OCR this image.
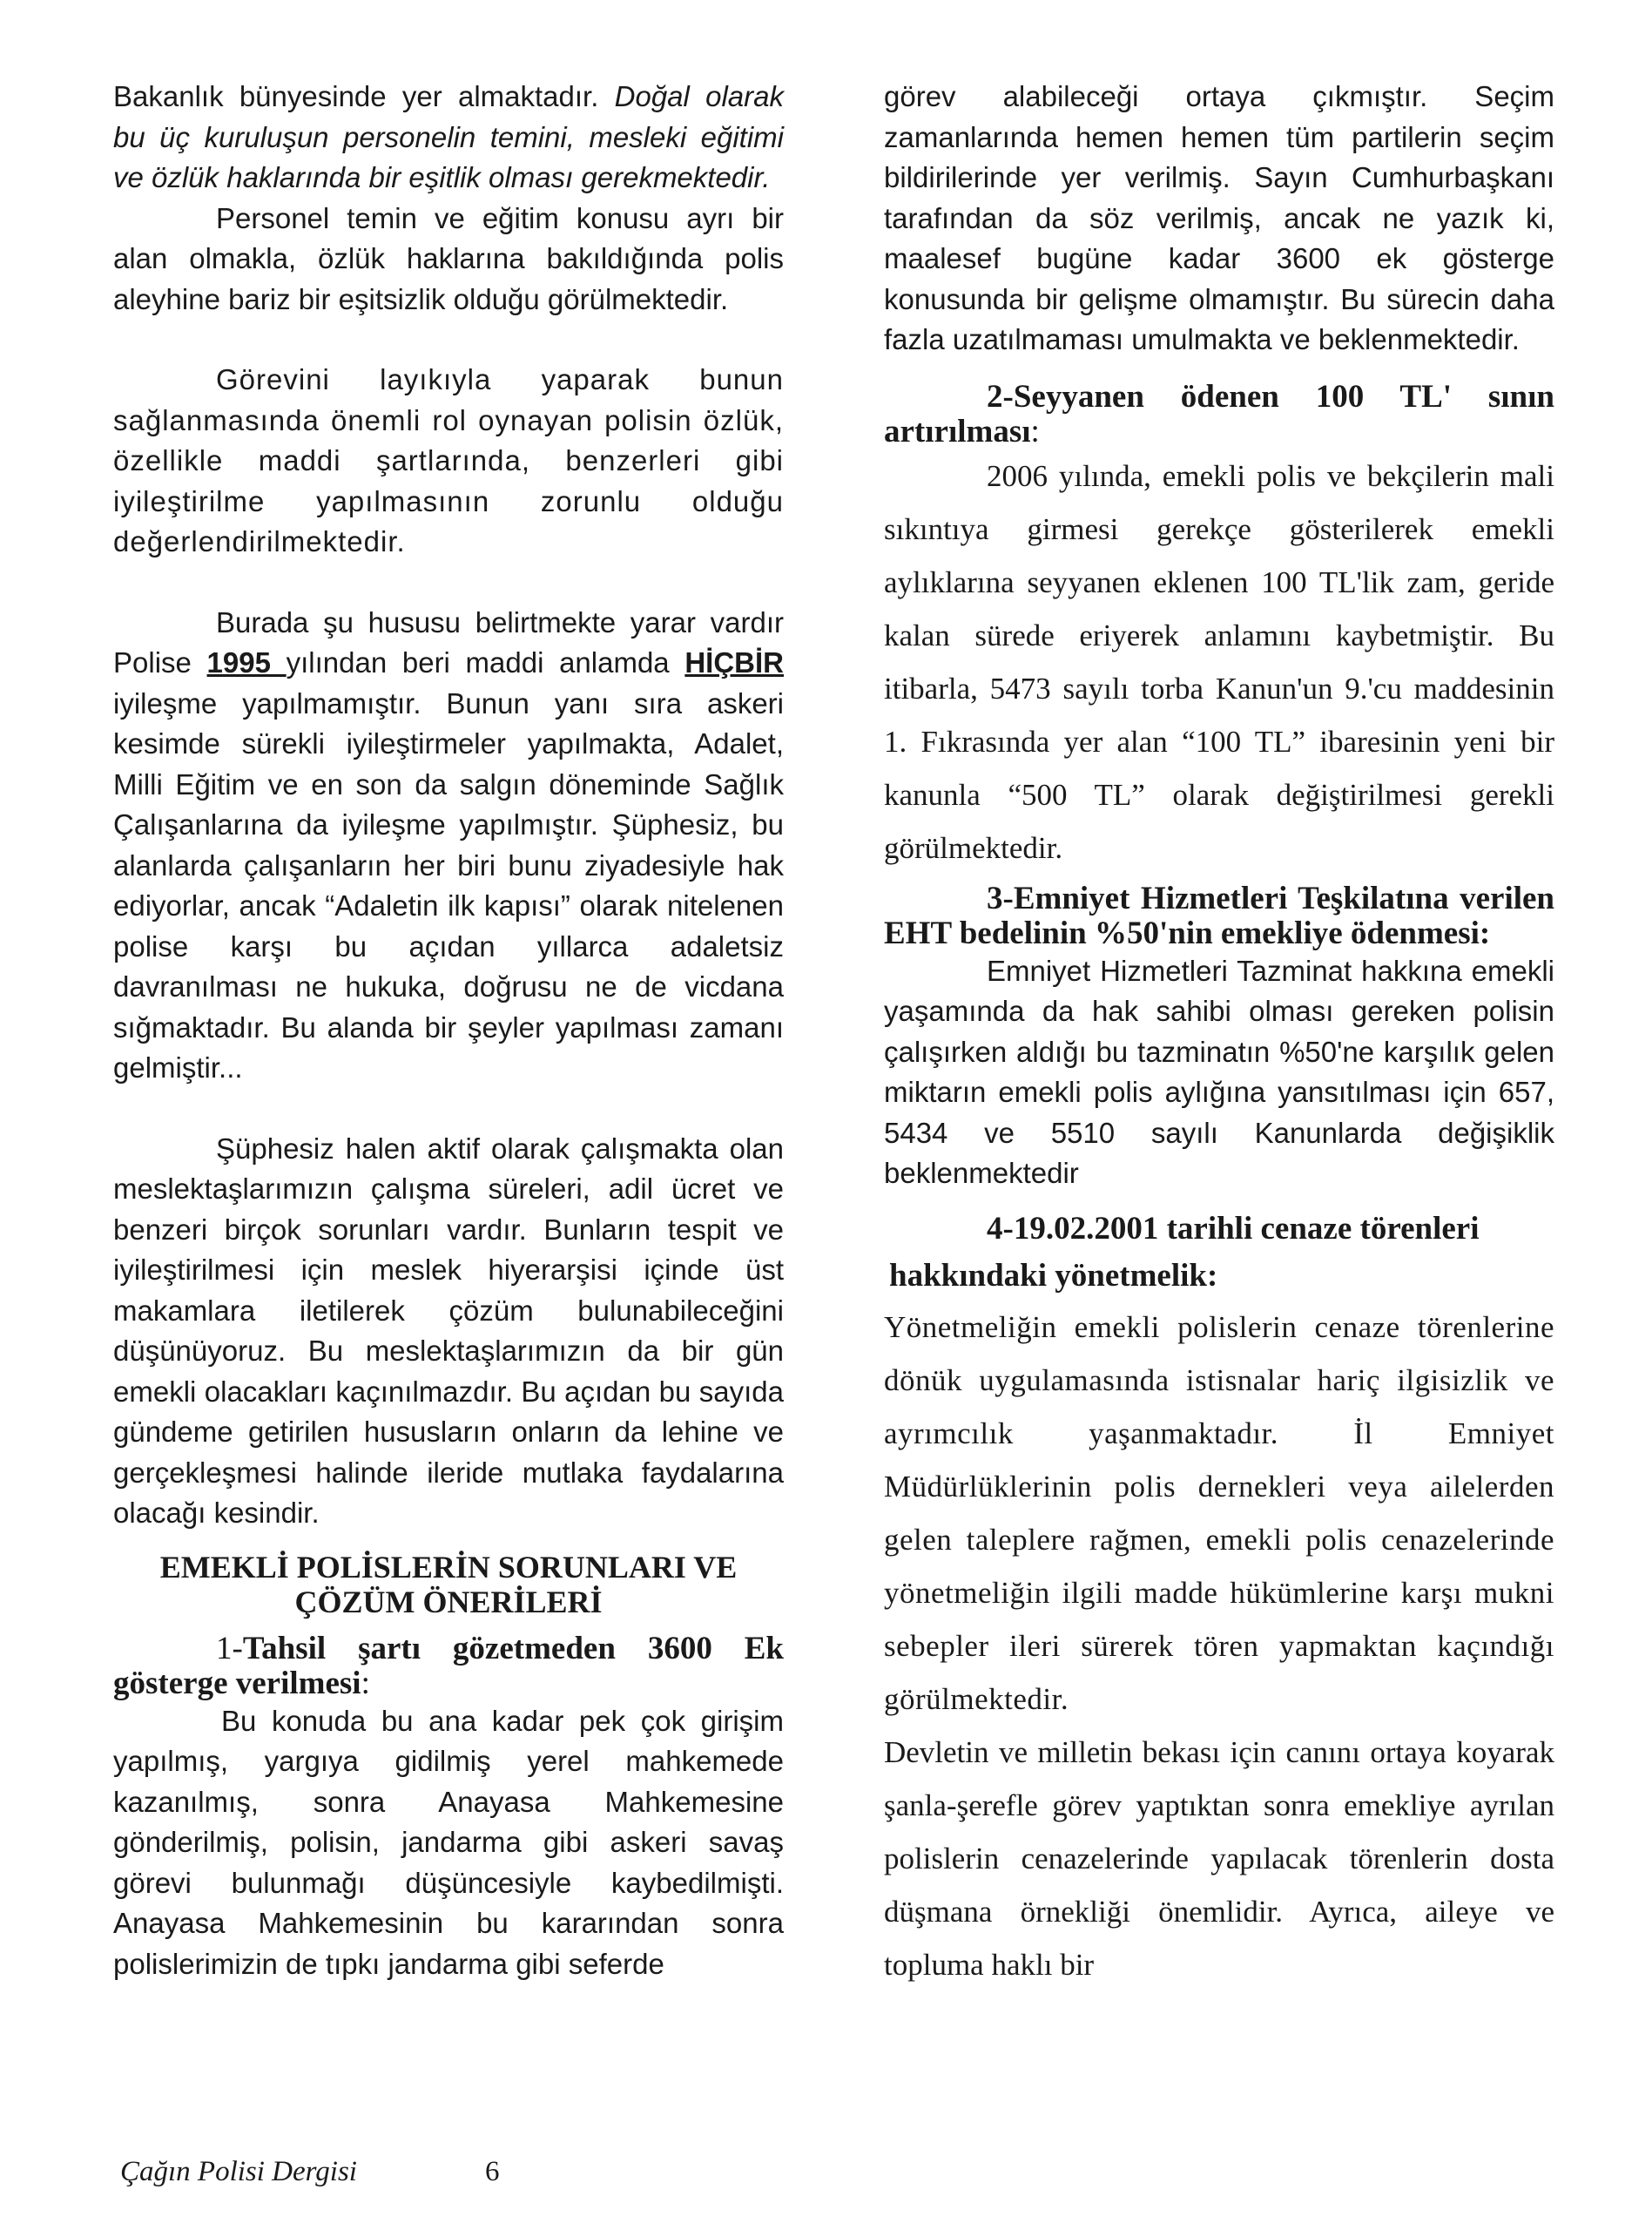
Bakanlık bünyesinde yer almaktadır. Doğal olarak bu üç kuruluşun personelin temini, mesleki eğitimi ve özlük haklarında bir eşitlik olması gerekmektedir.

Personel temin ve eğitim konusu ayrı bir alan olmakla, özlük haklarına bakıldığında polis aleyhine bariz bir eşitsizlik olduğu görülmektedir.

Görevini layıkıyla yaparak bunun sağlanmasında önemli rol oynayan polisin özlük, özellikle maddi şartlarında, benzerleri gibi iyileştirilme yapılmasının zorunlu olduğu değerlendirilmektedir.

Burada şu hususu belirtmekte yarar vardır Polise 1995 yılından beri maddi anlamda HİÇBİR iyileşme yapılmamıştır. Bunun yanı sıra askeri kesimde sürekli iyileştirmeler yapılmakta, Adalet, Milli Eğitim ve en son da salgın döneminde Sağlık Çalışanlarına da iyileşme yapılmıştır. Şüphesiz, bu alanlarda çalışanların her biri bunu ziyadesiyle hak ediyorlar, ancak “Adaletin ilk kapısı” olarak nitelenen polise karşı bu açıdan yıllarca adaletsiz davranılması ne hukuka, doğrusu ne de vicdana sığmaktadır. Bu alanda bir şeyler yapılması zamanı gelmiştir...

Şüphesiz halen aktif olarak çalışmakta olan meslektaşlarımızın çalışma süreleri, adil ücret ve benzeri birçok sorunları vardır. Bunların tespit ve iyileştirilmesi için meslek hiyerarşisi içinde üst makamlara iletilerek çözüm bulunabileceğini düşünüyoruz. Bu meslektaşlarımızın da bir gün emekli olacakları kaçınılmazdır. Bu açıdan bu sayıda gündeme getirilen hususların onların da lehine ve gerçekleşmesi halinde ileride mutlaka faydalarına olacağı kesindir.

EMEKLİ POLİSLERİN SORUNLARI VE
ÇÖZÜM ÖNERİLERİ

1-Tahsil şartı gözetmeden 3600 Ek gösterge verilmesi:

Bu konuda bu ana kadar pek çok girişim yapılmış, yargıya gidilmiş yerel mahkemede kazanılmış, sonra Anayasa Mahkemesine gönderilmiş, polisin, jandarma gibi askeri savaş görevi bulunmağı düşüncesiyle kaybedilmişti. Anayasa Mahkemesinin bu kararından sonra polislerimizin de tıpkı jandarma gibi seferde

görev alabileceği ortaya çıkmıştır. Seçim zamanlarında hemen hemen tüm partilerin seçim bildirilerinde yer verilmiş. Sayın Cumhurbaşkanı tarafından da söz verilmiş, ancak ne yazık ki, maalesef bugüne kadar 3600 ek gösterge konusunda bir gelişme olmamıştır. Bu sürecin daha fazla uzatılmaması umulmakta ve beklenmektedir.

2-Seyyanen ödenen 100 TL' sının artırılması:

2006 yılında, emekli polis ve bekçilerin mali sıkıntıya girmesi gerekçe gösterilerek emekli aylıklarına seyyanen eklenen 100 TL'lik zam, geride kalan sürede eriyerek anlamını kaybetmiştir. Bu itibarla, 5473 sayılı torba Kanun'un 9.'cu maddesinin 1. Fıkrasında yer alan “100 TL” ibaresinin yeni bir kanunla “500 TL” olarak değiştirilmesi gerekli görülmektedir.

3-Emniyet Hizmetleri Teşkilatına verilen EHT bedelinin %50'nin emekliye ödenmesi:

Emniyet Hizmetleri Tazminat hakkına emekli yaşamında da hak sahibi olması gereken polisin çalışırken aldığı bu tazminatın %50'ne karşılık gelen miktarın emekli polis aylığına yansıtılması için 657, 5434 ve 5510 sayılı Kanunlarda değişiklik beklenmektedir

4-19.02.2001 tarihli cenaze törenleri

hakkındaki yönetmelik:

Yönetmeliğin emekli polislerin cenaze törenlerine dönük uygulamasında istisnalar hariç ilgisizlik ve ayrımcılık yaşanmaktadır. İl Emniyet Müdürlüklerinin polis dernekleri veya ailelerden gelen taleplere rağmen, emekli polis cenazelerinde yönetmeliğin ilgili madde hükümlerine karşı mukni sebepler ileri sürerek tören yapmaktan kaçındığı görülmektedir.

Devletin ve milletin bekası için canını ortaya koyarak şanla-şerefle görev yaptıktan sonra emekliye ayrılan polislerin cenazelerinde yapılacak törenlerin dosta düşmana örnekliği önemlidir. Ayrıca, aileye ve topluma haklı bir

Çağın Polisi Dergisi	6
